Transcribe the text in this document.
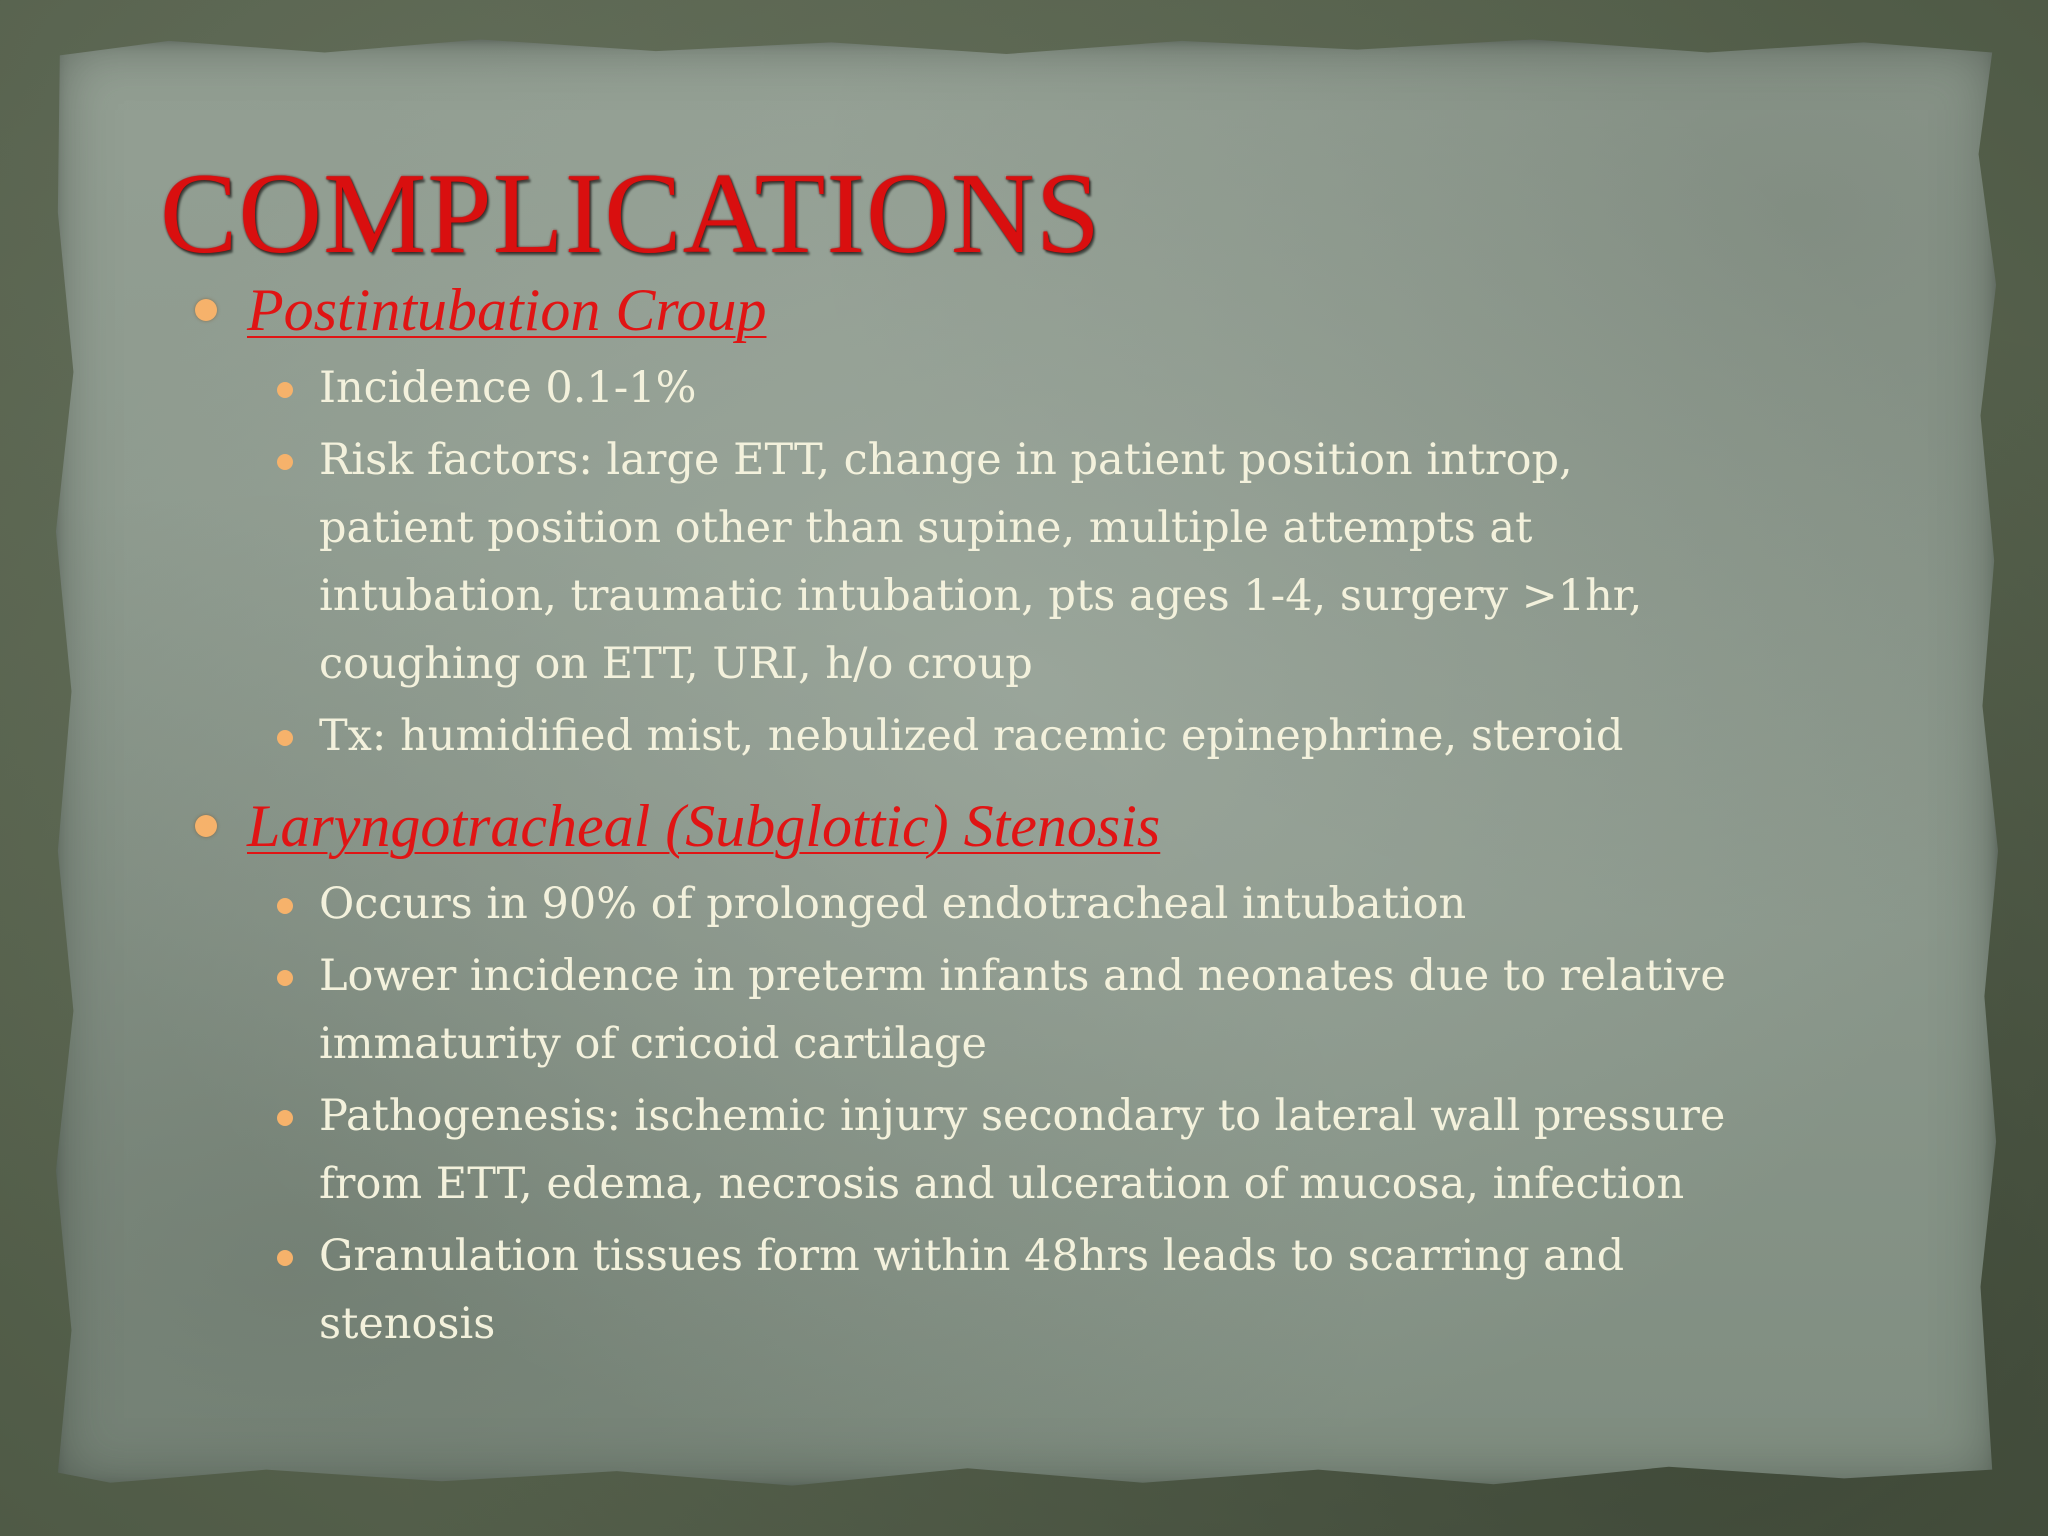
COMPLICATIONS
Postintubation Croup
Incidence 0.1-1%
Risk factors: large ETT, change in patient position introp,
patient position other than supine, multiple attempts at
intubation, traumatic intubation, pts ages 1-4, surgery >1hr,
coughing on ETT, URI, h/o croup
Tx: humidified mist, nebulized racemic epinephrine, steroid
Laryngotracheal (Subglottic) Stenosis
Occurs in 90% of prolonged endotracheal intubation
Lower incidence in preterm infants and neonates due to relative
immaturity of cricoid cartilage
Pathogenesis: ischemic injury secondary to lateral wall pressure
from ETT, edema, necrosis and ulceration of mucosa, infection
Granulation tissues form within 48hrs leads to scarring and
stenosis
